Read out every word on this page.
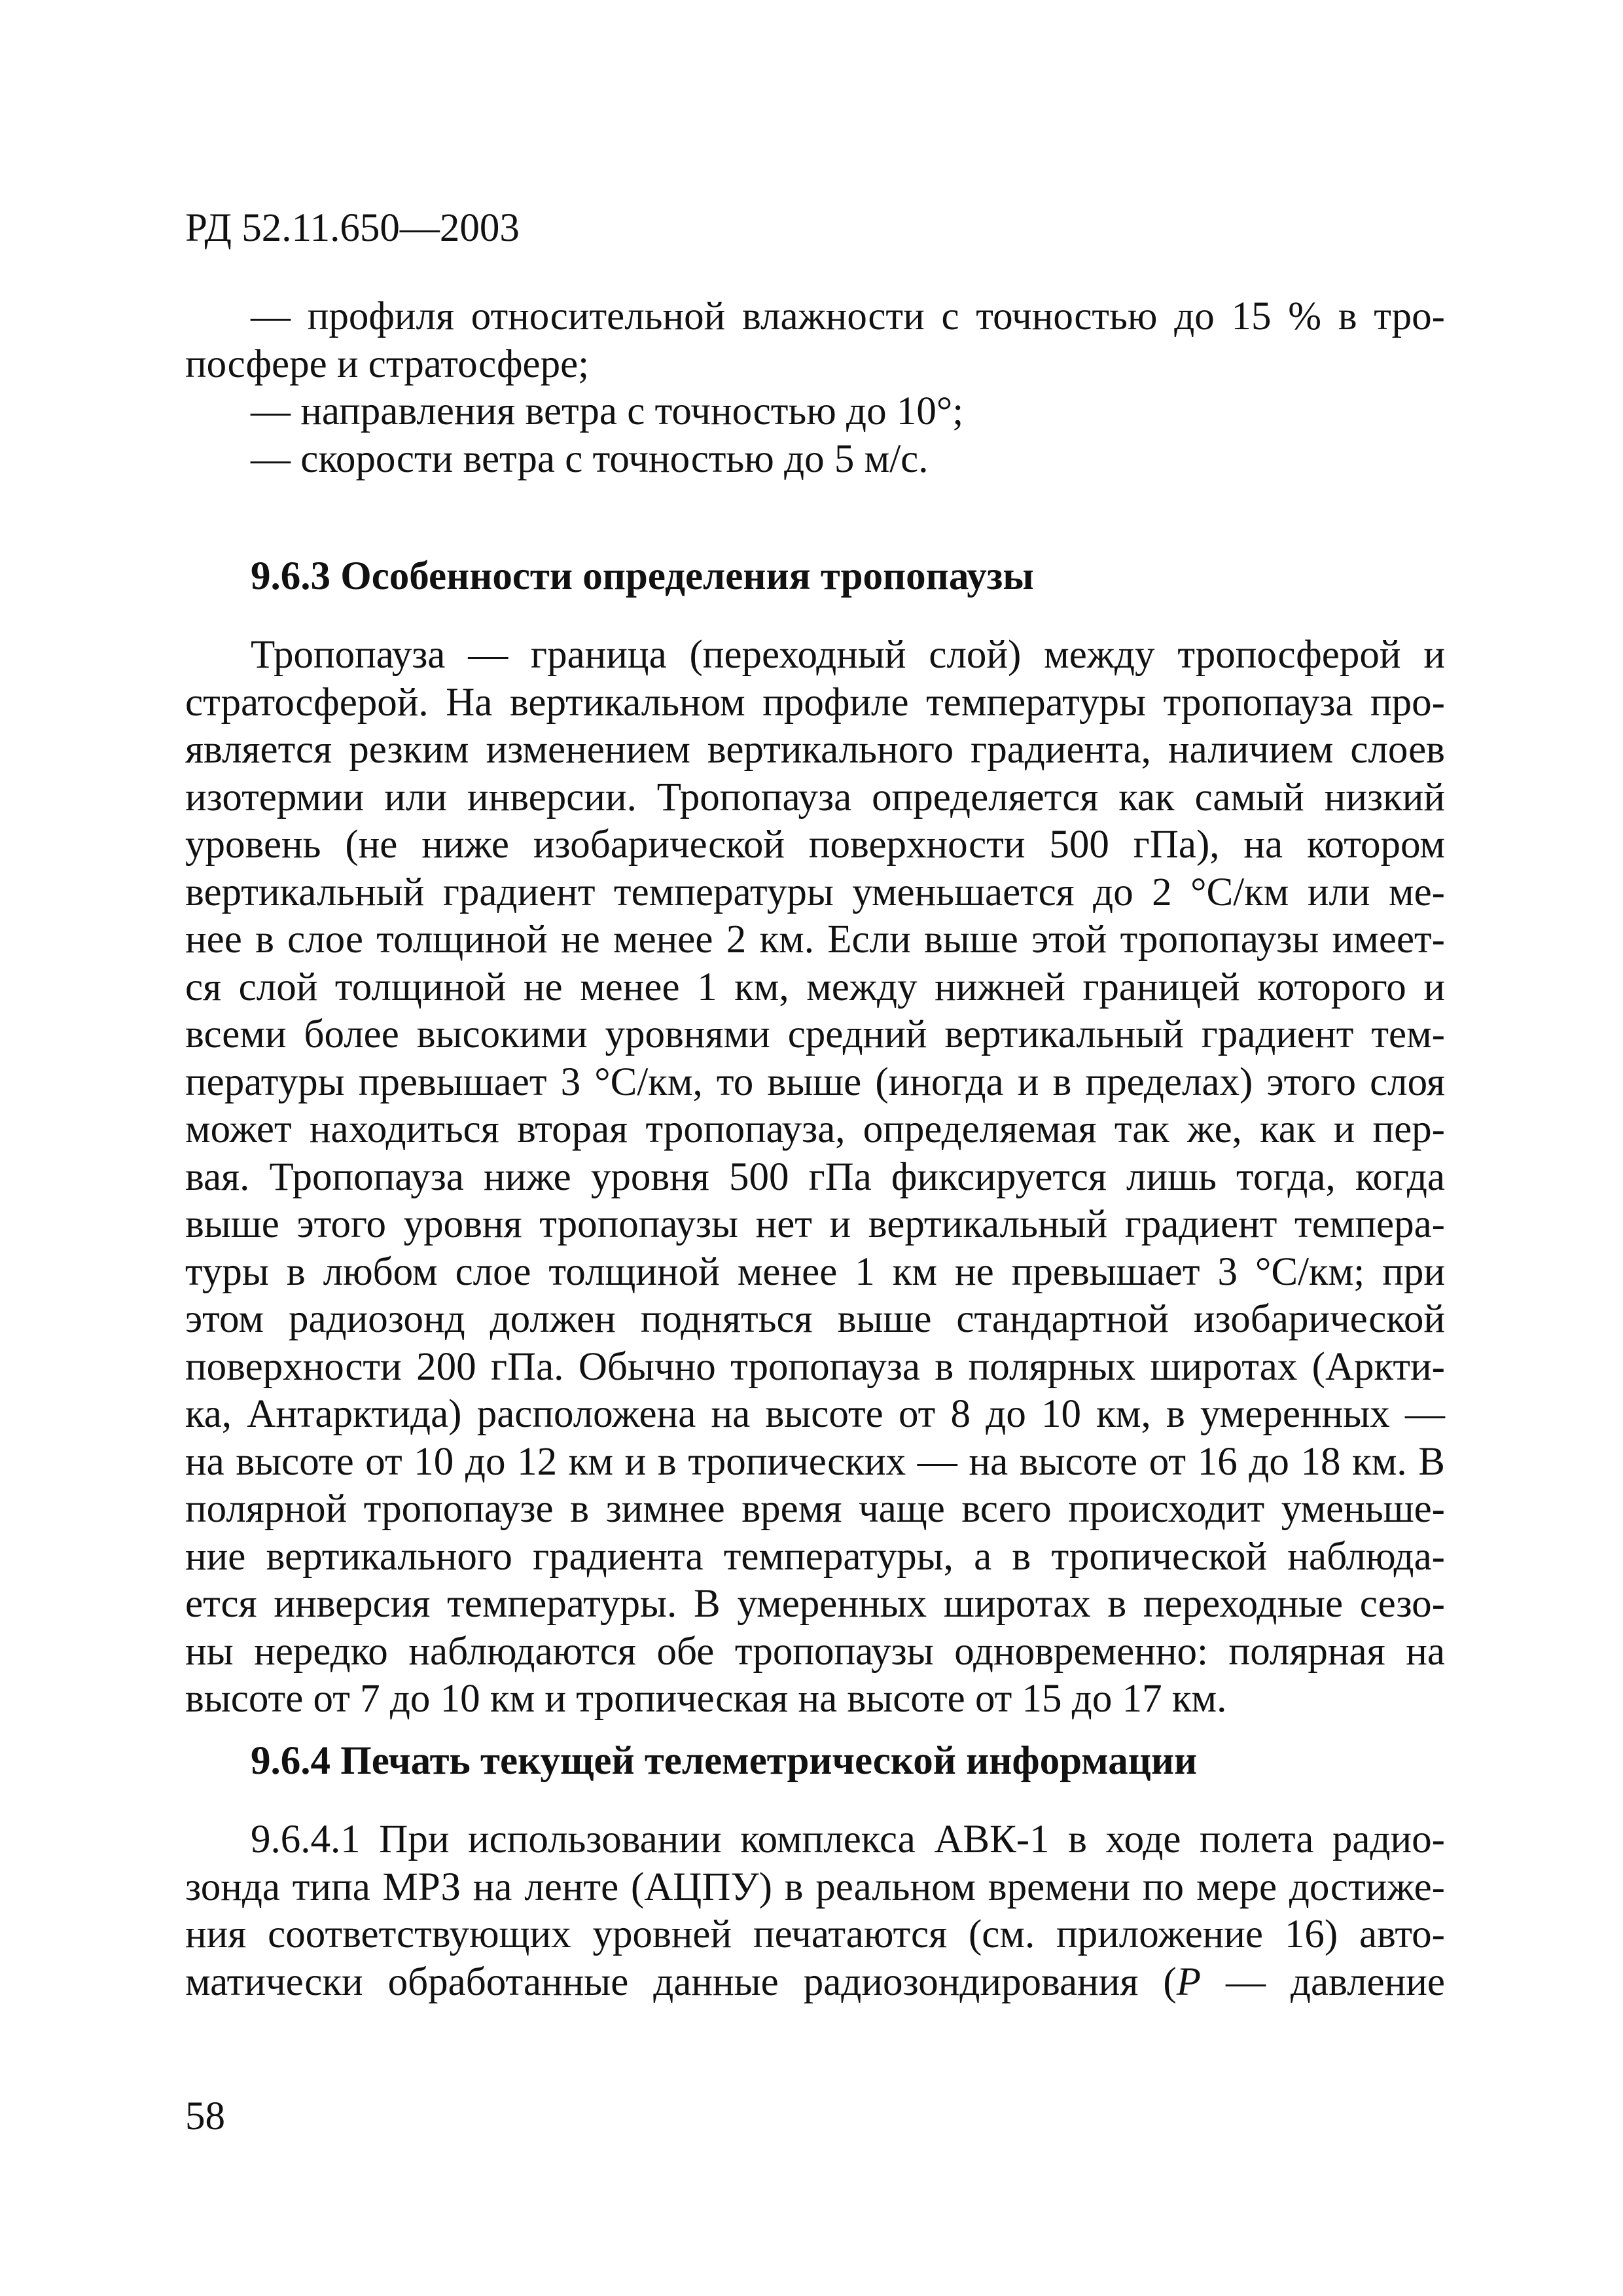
РД 52.11.650—2003
— профиля относительной влажности с точностью до 15 % в тро-
посфере и стратосфере;
— направления ветра с точностью до 10°;
— скорости ветра с точностью до 5 м/с.
9.6.3 Особенности определения тропопаузы
Тропопауза — граница (переходный слой) между тропосферой и
стратосферой. На вертикальном профиле температуры тропопауза про-
является резким изменением вертикального градиента, наличием слоев
изотермии или инверсии. Тропопауза определяется как самый низкий
уровень (не ниже изобарической поверхности 500 гПа), на котором
вертикальный градиент температуры уменьшается до 2 °С/км или ме-
нее в слое толщиной не менее 2 км. Если выше этой тропопаузы имеет-
ся слой толщиной не менее 1 км, между нижней границей которого и
всеми более высокими уровнями средний вертикальный градиент тем-
пературы превышает 3 °С/км, то выше (иногда и в пределах) этого слоя
может находиться вторая тропопауза, определяемая так же, как и пер-
вая. Тропопауза ниже уровня 500 гПа фиксируется лишь тогда, когда
выше этого уровня тропопаузы нет и вертикальный градиент темпера-
туры в любом слое толщиной менее 1 км не превышает 3 °С/км; при
этом радиозонд должен подняться выше стандартной изобарической
поверхности 200 гПа. Обычно тропопауза в полярных широтах (Аркти-
ка, Антарктида) расположена на высоте от 8 до 10 км, в умеренных —
на высоте от 10 до 12 км и в тропических — на высоте от 16 до 18 км. В
полярной тропопаузе в зимнее время чаще всего происходит уменьше-
ние вертикального градиента температуры, а в тропической наблюда-
ется инверсия температуры. В умеренных широтах в переходные сезо-
ны нередко наблюдаются обе тропопаузы одновременно: полярная на
высоте от 7 до 10 км и тропическая на высоте от 15 до 17 км.
9.6.4 Печать текущей телеметрической информации
9.6.4.1 При использовании комплекса АВК-1 в ходе полета радио-
зонда типа МРЗ на ленте (АЦПУ) в реальном времени по мере достиже-
ния соответствующих уровней печатаются (см. приложение 16) авто-
матически обработанные данные радиозондирования (Р — давление
58
